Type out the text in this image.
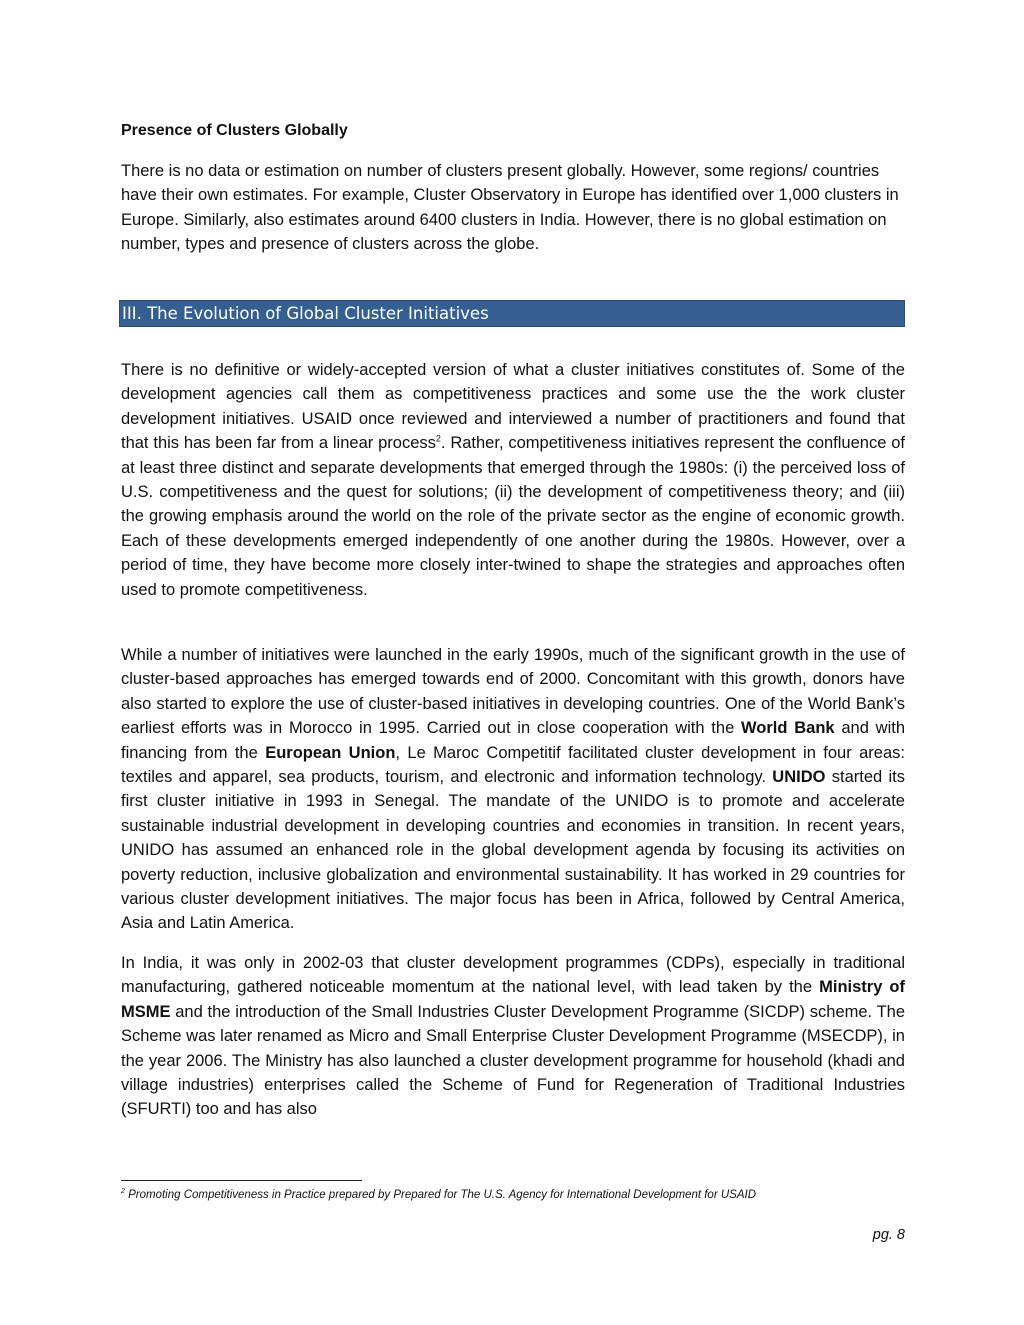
Presence of Clusters Globally

There is no data or estimation on number of clusters present globally. However, some regions/ countries have their own estimates. For example, Cluster Observatory in Europe has identified over 1,000 clusters in Europe. Similarly, also estimates around 6400 clusters in India. However, there is no global estimation on number, types and presence of clusters across the globe.

III. The Evolution of Global Cluster Initiatives

There is no definitive or widely-accepted version of what a cluster initiatives constitutes of. Some of the development agencies call them as competitiveness practices and some use the the work cluster development initiatives. USAID once reviewed and interviewed a number of practitioners and found that that this has been far from a linear process$^2$. Rather, competitiveness initiatives represent the confluence of at least three distinct and separate developments that emerged through the 1980s: (i) the perceived loss of U.S. competitiveness and the quest for solutions; (ii) the development of competitiveness theory; and (iii) the growing emphasis around the world on the role of the private sector as the engine of economic growth. Each of these developments emerged independently of one another during the 1980s. However, over a period of time, they have become more closely inter-twined to shape the strategies and approaches often used to promote competitiveness.

While a number of initiatives were launched in the early 1990s, much of the significant growth in the use of cluster-based approaches has emerged towards end of 2000. Concomitant with this growth, donors have also started to explore the use of cluster-based initiatives in developing countries. One of the World Bank’s earliest efforts was in Morocco in 1995. Carried out in close cooperation with the World Bank and with financing from the European Union, Le Maroc Competitif facilitated cluster development in four areas: textiles and apparel, sea products, tourism, and electronic and information technology. UNIDO started its first cluster initiative in 1993 in Senegal. The mandate of the UNIDO is to promote and accelerate sustainable industrial development in developing countries and economies in transition. In recent years, UNIDO has assumed an enhanced role in the global development agenda by focusing its activities on poverty reduction, inclusive globalization and environmental sustainability. It has worked in 29 countries for various cluster development initiatives. The major focus has been in Africa, followed by Central America, Asia and Latin America.

In India, it was only in 2002-03 that cluster development programmes (CDPs), especially in traditional manufacturing, gathered noticeable momentum at the national level, with lead taken by the Ministry of MSME and the introduction of the Small Industries Cluster Development Programme (SICDP) scheme. The Scheme was later renamed as Micro and Small Enterprise Cluster Development Programme (MSECDP), in the year 2006. The Ministry has also launched a cluster development programme for household (khadi and village industries) enterprises called the Scheme of Fund for Regeneration of Traditional Industries (SFURTI) too and has also

$^2$ Promoting Competitiveness in Practice prepared by Prepared for The U.S. Agency for International Development for USAID

pg. 8
